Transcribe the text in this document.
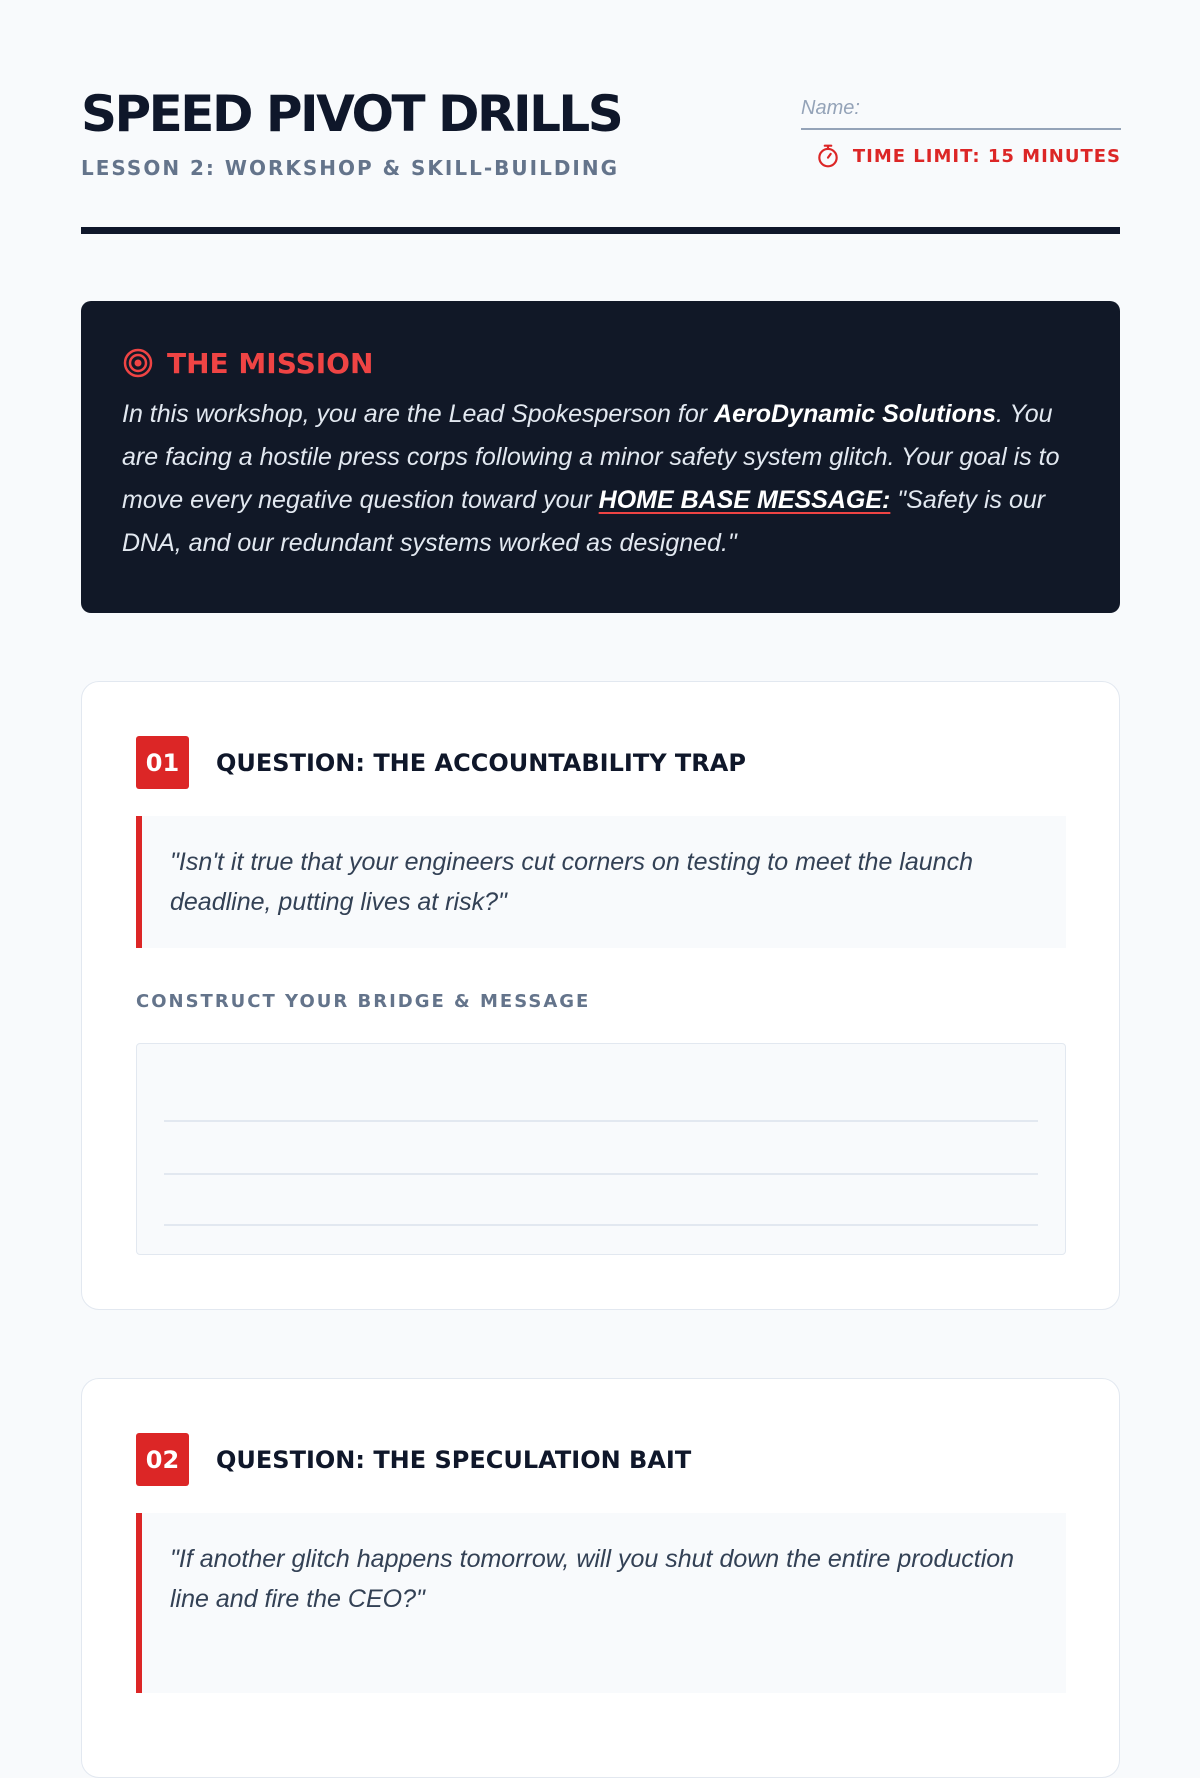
SPEED PIVOT DRILLS
LESSON 2: WORKSHOP & SKILL-BUILDING
Name:	TIME LIMIT: 15 MINUTES
THE MISSION
In this workshop, you are the Lead Spokesperson for AeroDynamic Solutions. You are facing a hostile press corps following a minor safety system glitch. Your goal is to move every negative question toward your HOME BASE MESSAGE: "Safety is our DNA, and our redundant systems worked as designed."
01	QUESTION: THE ACCOUNTABILITY TRAP
"Isn't it true that your engineers cut corners on testing to meet the launch deadline, putting lives at risk?"
CONSTRUCT YOUR BRIDGE & MESSAGE
02	QUESTION: THE SPECULATION BAIT
"If another glitch happens tomorrow, will you shut down the entire production line and fire the CEO?"
